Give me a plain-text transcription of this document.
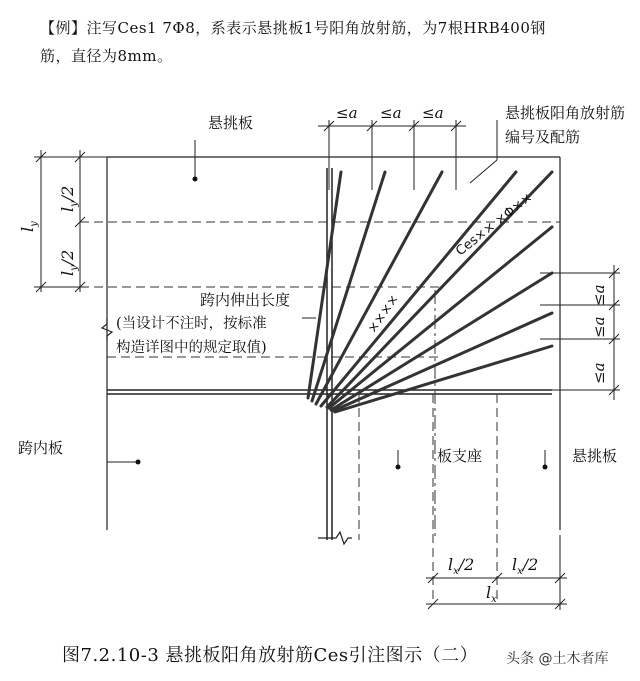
【例】注写Ces1 7Φ8，系表示悬挑板1号阳角放射筋，为7根HRB400钢
筋，直径为8mm。
悬挑板
悬挑板阳角放射筋
编号及配筋
跨内伸出长度
(当设计不注时，按标准
构造详图中的规定取值)
跨内板	板支座	悬挑板
Ces×× ×Φ××
××××
≤a ≤a ≤a
≤a
≤a
≤a
$l_y$
$l_y/2$
$l_y/2$
$l_x/2$ $l_x/2$
$l_x$
图7.2.10-3 悬挑板阳角放射筋Ces引注图示（二）	头条 @土木者库
